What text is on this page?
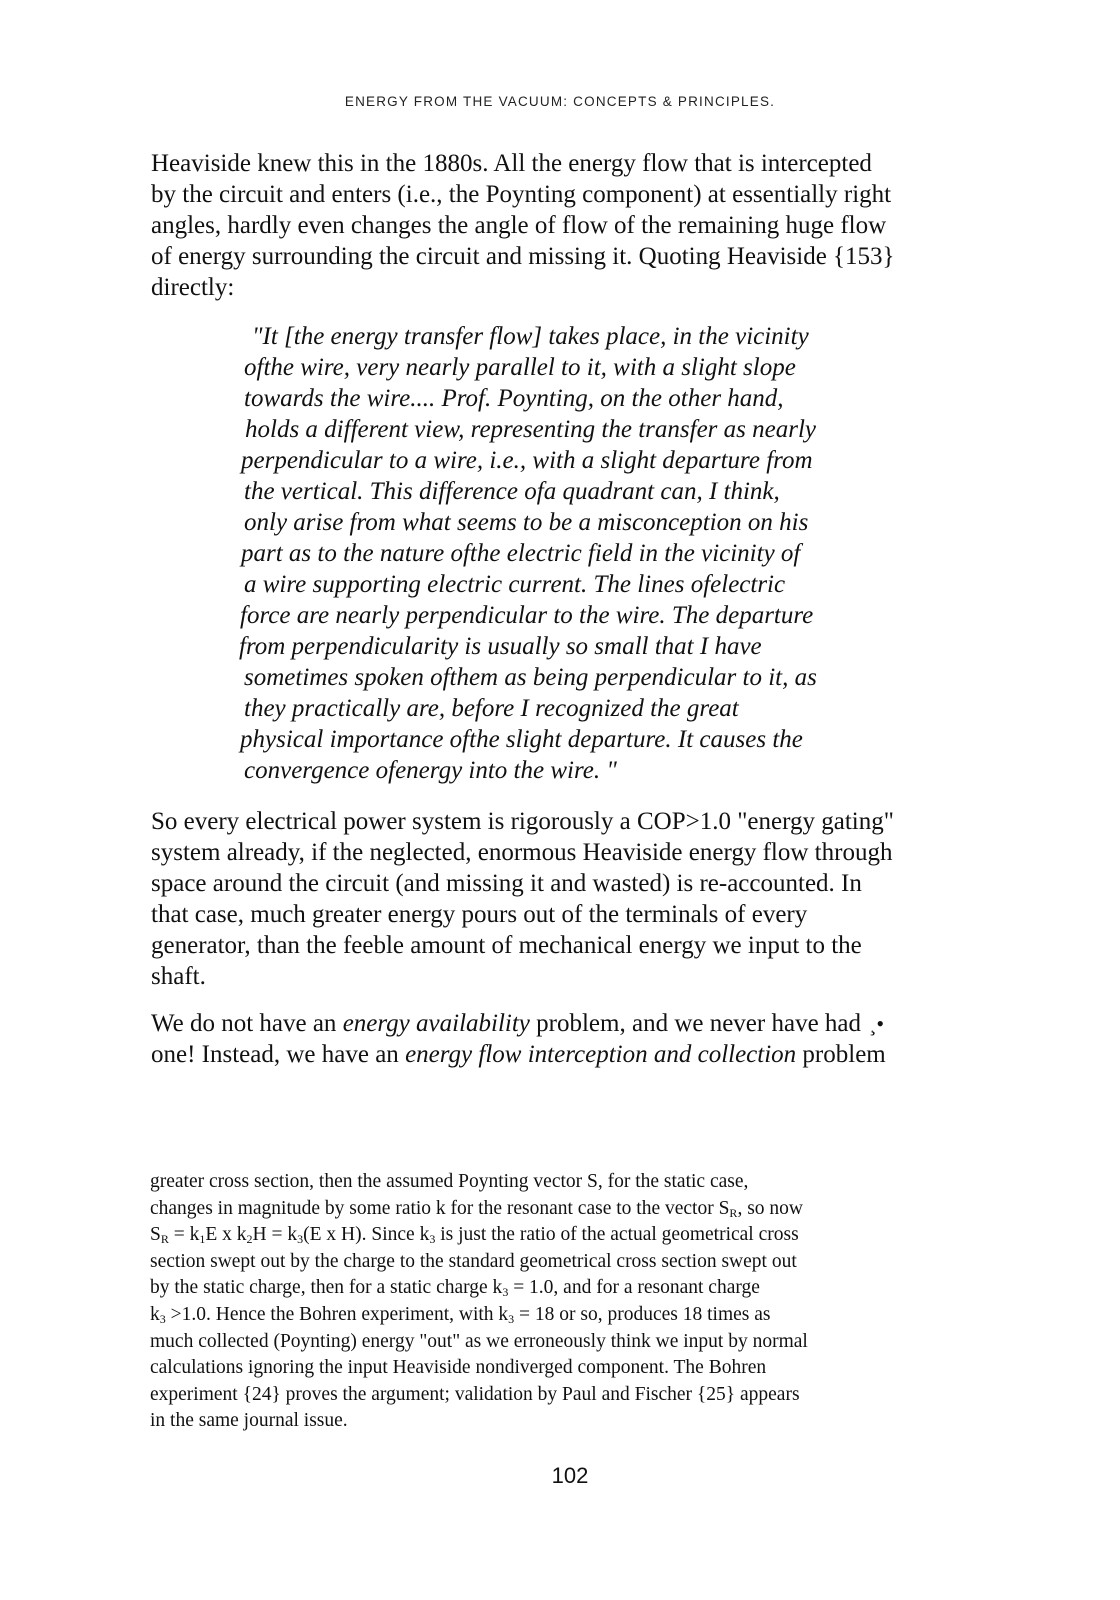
ENERGY FROM THE VACUUM: CONCEPTS & PRINCIPLES.
Heaviside knew this in the 1880s. All the energy flow that is intercepted
by the circuit and enters (i.e., the Poynting component) at essentially right
angles, hardly even changes the angle of flow of the remaining huge flow
of energy surrounding the circuit and missing it. Quoting Heaviside {153}
directly:
"It [the energy transfer flow] takes place, in the vicinity
ofthe wire, very nearly parallel to it, with a slight slope
towards the wire.... Prof. Poynting, on the other hand,
holds a different view, representing the transfer as nearly
perpendicular to a wire, i.e., with a slight departure from
the vertical. This difference ofa quadrant can, I think,
only arise from what seems to be a misconception on his
part as to the nature ofthe electric field in the vicinity of
a wire supporting electric current. The lines ofelectric
force are nearly perpendicular to the wire. The departure
from perpendicularity is usually so small that I have
sometimes spoken ofthem as being perpendicular to it, as
they practically are, before I recognized the great
physical importance ofthe slight departure. It causes the
convergence ofenergy into the wire. "
So every electrical power system is rigorously a COP>1.0 "energy gating"
system already, if the neglected, enormous Heaviside energy flow through
space around the circuit (and missing it and wasted) is re-accounted. In
that case, much greater energy pours out of the terminals of every
generator, than the feeble amount of mechanical energy we input to the
shaft.
We do not have an energy availability problem, and we never have had ¸•
one! Instead, we have an energy flow interception and collection problem
greater cross section, then the assumed Poynting vector S, for the static case,
changes in magnitude by some ratio k for the resonant case to the vector $S_R$, so now
$S_R = k_1E$ x $k_2H = k_3(E$ x H). Since $k_3$ is just the ratio of the actual geometrical cross
section swept out by the charge to the standard geometrical cross section swept out
by the static charge, then for a static charge $k_3 = 1.0$, and for a resonant charge
$k_3 >1.0$. Hence the Bohren experiment, with $k_3 = 18$ or so, produces 18 times as
much collected (Poynting) energy "out" as we erroneously think we input by normal
calculations ignoring the input Heaviside nondiverged component. The Bohren
experiment {24} proves the argument; validation by Paul and Fischer {25} appears
in the same journal issue.
102
